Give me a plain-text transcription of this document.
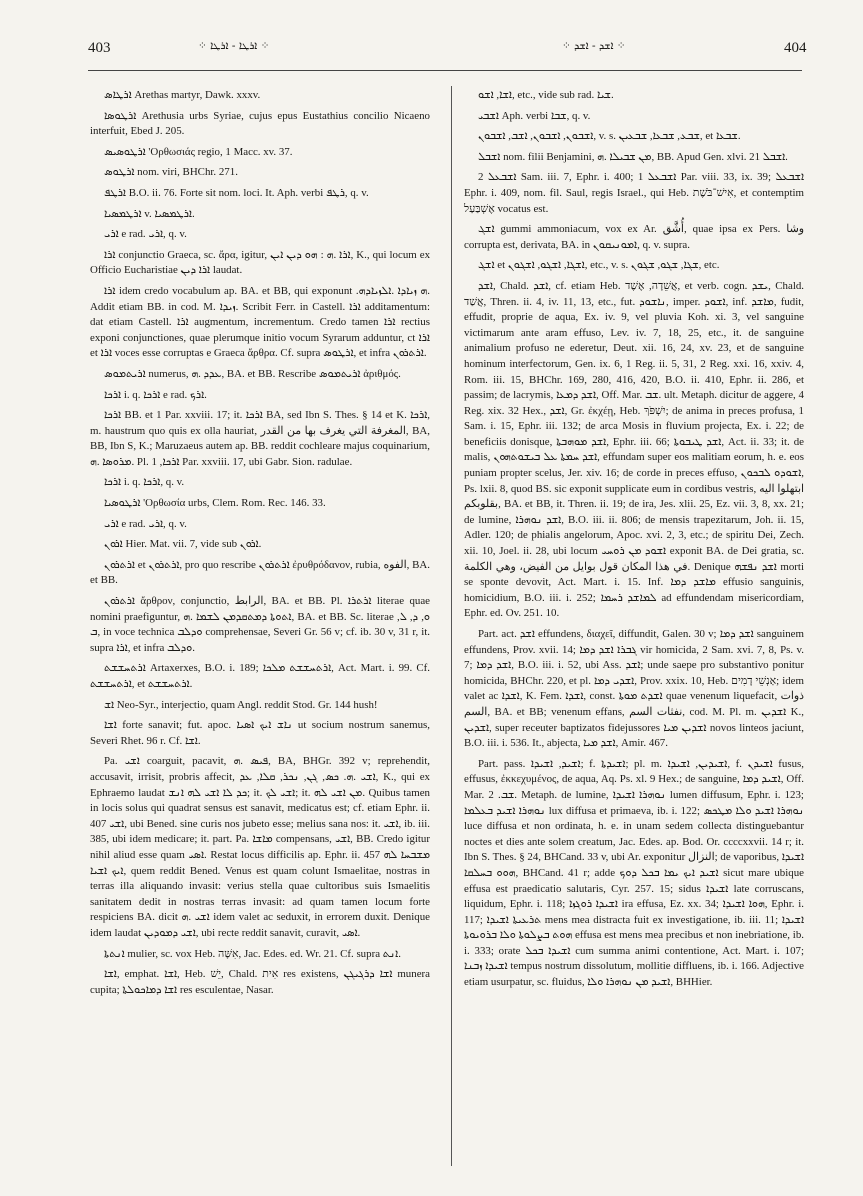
403	⁘ ܐܪܛܐ - ܐܪܛܐ ⁘	⁘ ܐܫܕ - ܐܫܕ ⁘	404

ܐܪܛܐܣ Arethas martyr, Dawk. xxxv.

ܐܪܛܘܣܐ Arethusia urbs Syriae, cujus epus Eustathius concilio Nicaeno interfuit, Ebed J. 205.

ܐܪܛܘܣܝܣ 'Ορθωσιάς regio, 1 Macc. xv. 37.

ܐܪܛܘܣ nom. viri, BHChr. 271.

ܐܪܛܦ B.O. ii. 76. Forte sit nom. loci. It. Aph. verbi ܪܛܦ, q. v.

ܐܪܛܡܣܝܐ v. ܐܪܛܡܣܝܐ.

ܐܪܝ e rad. ܐܪܝ, q. v.

ܐܪܐ conjunctio Graeca, sc. ἄρα, igitur, ܐܪܐ .ܗ : ܗܘ ܕܝܢ ܐܝܢ, K., qui locum ex Officio Eucharistiae ܐܪܐ ܕܝܢ laudat.

ܐܪܐ idem credo vocabulum ap. BA. et BB, qui exponunt .ܗ ܙܝܐܕܐ .ܐܠܙܝܐܕܗ. Addit etiam BB. in cod. M. ܙܝܕܐ. Scribit Ferr. in Castell. ܐܪܐ additamentum: dat etiam Castell. ܐܪܐ augmentum, incrementum. Credo tamen ܐܪܐ rectius exponi conjunctiones, quae plerumque initio vocum Syrarum adduntur, ct ܐܪܐ et ܐܪܐ voces esse corruptas e Graeca ἄρθρα. Cf. supra ܐܪܛܘܣ, et infra ܐܪܬܪܘܢ.

ܐܪܝܬܡܘܣ numerus, ܥܕܕ .ܗ, BA. et BB. Rescribe ܐܪܝܬܡܘܣ ἀριθμός.

ܐܪܟܐ i. q. ܐܪܟܐ e rad. ܐܪܟ.

ܐܪܟܐ BB. et 1 Par. xxviii. 17; it. ܐܪܟܐ BA, sed Ibn S. Thes. § 14 et K. ܐܪܟܐ, m. haustrum quo quis ex olla hauriat, المغرفة التي يغرف بها من القدر, BA, BB, Ibn S, K.; Maruzaeus autem ap. BB. reddit cochleare majus coquinarium, ܡܪܘܣܐ .ܗ. Pl. ܐܪܟܐ, 1 Par. xxviii. 17, ubi Gabr. Sion. radulae.

ܐܪܟܐ i. q. ܐܪܟܐ, q. v.

ܐܪܛܘܣܝܐ 'Ορθωσία urbs, Clem. Rom. Rec. 146. 33.

ܐܪܝ e rad. ܐܪܝ, q. v.

ܐܪܘܢ Hier. Mat. vii. 7, vide sub ܐܪܘܢ.

ܐܪܬܪܘܢ et ܐܪܬܪܘܢ, pro quo rescribe ܐܪܬܪܘܢ ἐρυθρόδανον, rubia, الفوه, BA. et BB.

ܐܪܬܪܘܢ ἄρθρον, conjunctio, الرابط, BA. et BB. Pl. ܐܪܬܪܐ literae quae nomini praefiguntur, ܐܬܘܬܐ ܕܡܬܩܕܡܢ ܠܫܡܐ .ܗ, BA. et BB. Sc. literae ܘ, ܕ, ܠ, ܒ, in voce technica ܘܕܠܒ comprehensae, Severi Gr. 56 v; cf. ib. 30 v, 31 r, it. supra ܐܪܐ, et infra ܘܕܠܒ.

ܐܪܬܚܫܫܬ Artaxerxes, B.O. i. 189; ܐܪܬܚܫܫܬ ܡܠܟܐ, Act. Mart. i. 99. Cf. ܐܪܬܚܫܫܬ, et ܐܪܬܚܫܫܬ.

ܐܫ Neo-Syr., interjectio, quam Angl. reddit Stod. Gr. 144 hush!

ܐܫܐ forte sanavit; fut. apoc. ܢܐܫ ܐܝܟ ܐܣܝܐ ut socium nostrum sanemus, Severi Rhet. 96 r. Cf. ܐܫܐ.

Pa. ܐܫܝ coarguit, pacavit, ܦܝܣ .ܗ, BA, BHGr. 392 v; reprehendit, accusavit, irrisit, probris affecit, ܐܫܝ .ܗ. ܟܣ, ܓܢ, ܢܟܪ, ܩܠܐ, ܥܕ, K., qui ex Ephraemo laudat ܟܕ ܠܐ ܐܫܝ ܠܗ ܐܢܫ; it. ܐܫܝ ܠܟ; it. ܡܢ ܐܫܝ ܠܗ. Quibus tamen in locis solus qui quadrat sensus est sanavit, medicatus est; cf. etiam Ephr. ii. 407 ܐܫܝ, ubi Bened. sine curis nos jubeto esse; melius sana nos: it. ܐܫܝ, ib. iii. 385, ubi idem medicare; it. part. Pa. ܡܐܫܐ compensans, ܐܫܝ, BB. Credo igitur nihil aliud esse quam ܐܣܝ. Restat locus difficilis ap. Ephr. ii. 457 ܡܫܒܚܐ ܠܗ ܐܝܟ ܐܫܝܐ, quem reddit Bened. Venus est quam colunt Ismaelitae, nostras in terras illa aliquando invasit: verius stella quae cultoribus suis Ismaelitis sanitatem dedit in nostras terras invasit: ad quam tamen locum forte respiciens BA. dicit ܐܫܝ .ܗ idem valet ac seduxit, in errorem duxit. Denique idem laudat ܐܫܝ ܕܡܘܕܝܢ, ubi recte reddit sanavit, curavit, ܐܣܝ.

ܐܢܬܬܐ mulier, sc. vox Heb. אִשָּׁה, Jac. Edes. ed. Wr. 21. Cf. supra ܐܢܬ.

ܐܫܐ, emphat. ܐܫܐ, Heb. יֵשׁ, Chald. אִית res existens, ܐܫܐ ܕܪܓܝܓܢ munera cupita; ܐܫܐ ܕܡܐܟܘܠܬܐ res esculentae, Nasar.

ܐܫܐ, ܐܫܘ, etc., vide sub rad. ܫܝܐ.

ܐܫܒܝ Aph. verbi ܫܒܐ, q. v.

ܐܫܒܘܢ, ܐܫܒܘܢ, ܐܫܒ, ܐܫܒܘܢ, v. s. ܫܒܥ, ܫܒܥܐ, ܫܒܥܝܢ, et ܫܒܥܐ.

ܐܫܒܠ nom. filii Benjamini, ܡܢ ܫܒܝܠܐ .ܗ, BB. Apud Gen. xlvi. 21 ܐܫܒܠ.

ܐܫܒܥܠ 2 Sam. iii. 7, Ephr. i. 400; ܐܫܒܥܠ 1 Par. viii. 33, ix. 39; ܐܫܒܥܠ Ephr. i. 409, nom. fil. Saul, regis Israel., qui Heb. אִישׁ־בֹּשֶׁת, et contemptim אֶשְׁבַּעַל vocatus est.

ܐܫܓ gummi ammoniacum, vox ex Ar. أُشَّق, quae ipsa ex Pers. وشا corrupta est, derivata, BA. in ܐܡܘܢܝܩܘܢ, q. v. supra.

ܐܫܓ et ܐܫܓܐ, ܐܫܓܘ, ܐܫܓܘܢ, etc., v. s. ܫܓܐ, ܫܓܘ, ܫܓܘܢ, etc.

ܐܫܕ, Chald. ܐܫܕ, cf. etiam Heb. אֲשֵׁדָה, אֶשֶׁד, et verb. cogn. ܝܫܕ, Chald. אֲשַׁד, Thren. ii. 4, iv. 11, 13, etc., fut. ܢܐܫܘܕ, imper. ܐܫܘܕ, inf. ܡܐܫܕ, fudit, effudit, proprie de aqua, Ex. iv. 9, vel pluvia Koh. xi. 3, vel sanguine victimarum ante aram effuso, Lev. iv. 7, 18, 25, etc., it. de sanguine animalium profuso ne ederetur, Deut. xii. 16, 24, xv. 23, et de sanguine hominum interfectorum, Gen. ix. 6, 1 Reg. ii. 5, 31, 2 Reg. xxi. 16, xxiv. 4, Rom. iii. 15, BHChr. 169, 280, 416, 420, B.O. ii. 410, Ephr. ii. 286, et passim; de lacrymis, ܐܫܕ ܕܡܥܐ, Off. Mar. ܫܒ. ult. Metaph. dicitur de aggere, 4 Reg. xix. 32 Hex., ܐܫܕ, Gr. ἐκχέῃ, Heb. יִשְׁפֹּךְ; de anima in preces profusa, 1 Sam. i. 15, Ephr. iii. 132; de arca Mosis in fluvium projecta, Ex. i. 22; de beneficiis donisque, ܐܫܕ ܡܘܗܒܬܐ, Ephr. iii. 66; ܐܫܕ ܛܝܒܘܬܐ, Act. ii. 33; it. de malis, ܐܫܕ ܚܡܬܐ ܥܠ ܒܝܫܘܬܗܘܢ, effundam super eos malitiam eorum, h. e. eos puniam propter scelus, Jer. xiv. 16; de corde in preces effuso, ܐܫܘܕܘ ܠܒܟܘܢ, Ps. lxii. 8, quod BS. sic exponit supplicate eum in cordibus vestris, ابتهلوا اليه بقلوبكم, BA. et BB, it. Thren. ii. 19; de ira, Jes. xlii. 25, Ez. vii. 3, 8, xx. 21; de lumine, ܐܫܕ ܢܘܗܪܐ, B.O. iii. ii. 806; de mensis trapezitarum, Joh. ii. 15, Adler. 120; de phialis angelorum, Apoc. xvi. 2, 3, etc.; de spiritu Dei, Zech. xii. 10, Joel. ii. 28, ubi locum ܐܫܘܕ ܡܢ ܪܘܚܝ exponit BA. de Dei gratia, sc. في هذا المكان قول بوايل من الفيض، وهي الكلمة. Denique ܐܫܕ ܢܦܫܗ morti se sponte devovit, Act. Mart. i. 15. Inf. ܡܐܫܕ ܕܡܐ effusio sanguinis, homicidium, B.O. iii. i. 252; ܠܡܐܫܕ ܪܚܡܐ ad effundendam misericordiam, Ephr. ed. Ov. 251. 10.

Part. act. ܐܫܕ effundens, διαχεῖ, diffundit, Galen. 30 v; ܐܫܕ ܕܡܐ sanguinem effundens, Prov. xvii. 14; ܓܒܪܐ ܐܫܕ ܕܡܐ vir homicida, 2 Sam. xvi. 7, 8, Ps. v. 7; ܐܫܕ ܕܡܐ, B.O. iii. i. 52, ubi Ass. ܐܫܕ; unde saepe pro substantivo ponitur homicida, BHChr. 220, et pl. ܐܫܕܝ ܕܡܐ, Prov. xxix. 10, Heb. אַנְשֵׁי דָמִים; idem valet ac ܐܫܕܐ, K. Fem. ܐܫܕܐ, const. ܐܫܕܬ ܡܘܬܐ quae venenum liquefacit, ذوات السم, BA. et BB; venenum effans, نفثات السم, cod. M. Pl. m. ܐܫܕܝܢ K., ܐܫܕܝܢ, super receuter baptizatos fidejussores ܐܫܕܝܢ ܡܝܐ novos linteos jaciunt, B.O. iii. i. 536. It., abjecta, ܐܫܕ ܡܝܐ, Amir. 467.

Part. pass. ܐܫܝܕ, ܐܫܝܕܐ; f. ܐܫܝܕܬܐ; pl. m. ܐܫܝܕܝܢ, ܐܫܝܕܐ, f. ܐܫܝܕܢ fusus, effusus, ἐκκεχυμένος, de aqua, Aq. Ps. xl. 9 Hex.; de sanguine, ܐܫܝܕ ܕܡܐ, Off. Mar. ܫܒ. 2. Metaph. de lumine, ܢܘܗܪܐ ܐܫܝܕܐ lumen diffusum, Ephr. i. 123; ܢܘܗܪܐ ܐܫܝܕ ܒܥܠܡܐ lux diffusa et primaeva, ib. i. 122; ܢܘܗܪܐ ܐܫܝܕ ܘܠܐ ܡܛܟܣ luce diffusa et non ordinata, h. e. in unam sedem collecta distinguebantur noctes et dies ante solem creatum, Jac. Edes. ap. Bod. Or. ccccxxvii. 14 r; it. Ibn S. Thes. § 24, BHCand. 33 v, ubi Ar. exponitur النزال; de vaporibus, ܐܫܝܕܐ ܗܘܘ ܒܚܠܩܐ, BHCand. 41 r; adde ܐܫܝܕ ܐܝܟ ܝܡܐ ܒܟܠ ܕܘܟ sicut mare ubique effusa est praedicatio salutaris, Cyr. 257. 15; sidus ܐܫܝܕܐ late corruscans, liquidum, Ephr. i. 118; ܐܫܝܕܐ ܪܘܓܙܐ ira effusa, Ez. xx. 34; ܗܘܐ ܐܫܝܕܐ, Ephr. i. 117; ܬܪܥܝܬܐ ܐܫܝܕܐ mens mea distracta fuit ex investigatione, ib. iii. 11; ܐܫܝܕܐ ܗܘܬ ܒܨܠܘܬܐ ܘܠܐ ܒܪܘܝܘܬܐ effusa est mens mea precibus et non inebriatione, ib. i. 333; orate ܐܫܝܕܐ ܒܟܠ cum summa animi contentione, Act. Mart. i. 107; ܐܫܝܕܐ ܙܒܢܐ tempus nostrum dissolutum, mollitie diffluens, ib. i. 166. Adjective etiam usurpatur, sc. fluidus, ܐܫܝܕ ܡܢ ܢܘܗܪܐ ܘܠܐ, BHHier.
